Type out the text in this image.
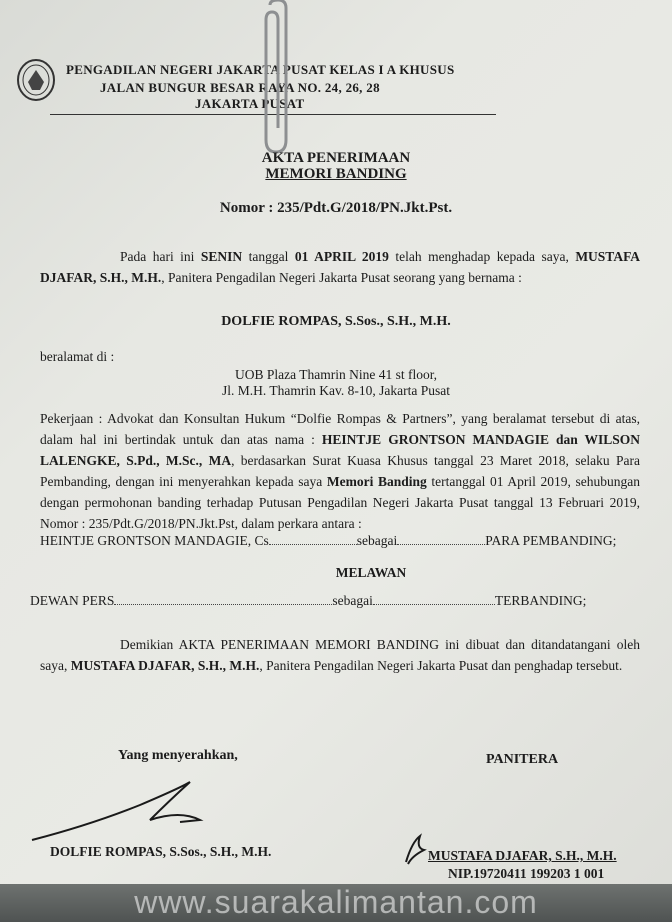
PENGADILAN NEGERI JAKARTA PUSAT KELAS I A KHUSUS
JALAN BUNGUR BESAR RAYA NO. 24, 26, 28
JAKARTA PUSAT
AKTA PENERIMAAN
MEMORI BANDING
Nomor : 235/Pdt.G/2018/PN.Jkt.Pst.
Pada hari ini SENIN tanggal 01 APRIL 2019 telah menghadap kepada saya, MUSTAFA DJAFAR, S.H., M.H., Panitera Pengadilan Negeri Jakarta Pusat seorang yang bernama :
DOLFIE ROMPAS, S.Sos., S.H., M.H.
beralamat di :
UOB Plaza Thamrin Nine 41 st floor,
Jl. M.H. Thamrin Kav. 8-10, Jakarta Pusat
Pekerjaan : Advokat dan Konsultan Hukum “Dolfie Rompas & Partners”, yang beralamat tersebut di atas, dalam hal ini bertindak untuk dan atas nama : HEINTJE GRONTSON MANDAGIE dan WILSON LALENGKE, S.Pd., M.Sc., MA, berdasarkan Surat Kuasa Khusus tanggal 23 Maret 2018, selaku Para Pembanding, dengan ini menyerahkan kepada saya Memori Banding tertanggal 01 April 2019, sehubungan dengan permohonan banding terhadap Putusan Pengadilan Negeri Jakarta Pusat tanggal 13 Februari 2019, Nomor : 235/Pdt.G/2018/PN.Jkt.Pst, dalam perkara antara :
HEINTJE GRONTSON MANDAGIE, Cs	sebagai	PARA PEMBANDING;
MELAWAN
DEWAN PERS	sebagai	TERBANDING;
Demikian AKTA PENERIMAAN MEMORI BANDING ini dibuat dan ditandatangani oleh saya, MUSTAFA DJAFAR, S.H., M.H., Panitera Pengadilan Negeri Jakarta Pusat dan penghadap tersebut.
Yang menyerahkan,	PANITERA
DOLFIE ROMPAS, S.Sos., S.H., M.H.	MUSTAFA DJAFAR, S.H., M.H.
NIP.19720411 199203 1 001
www.suarakalimantan.com
